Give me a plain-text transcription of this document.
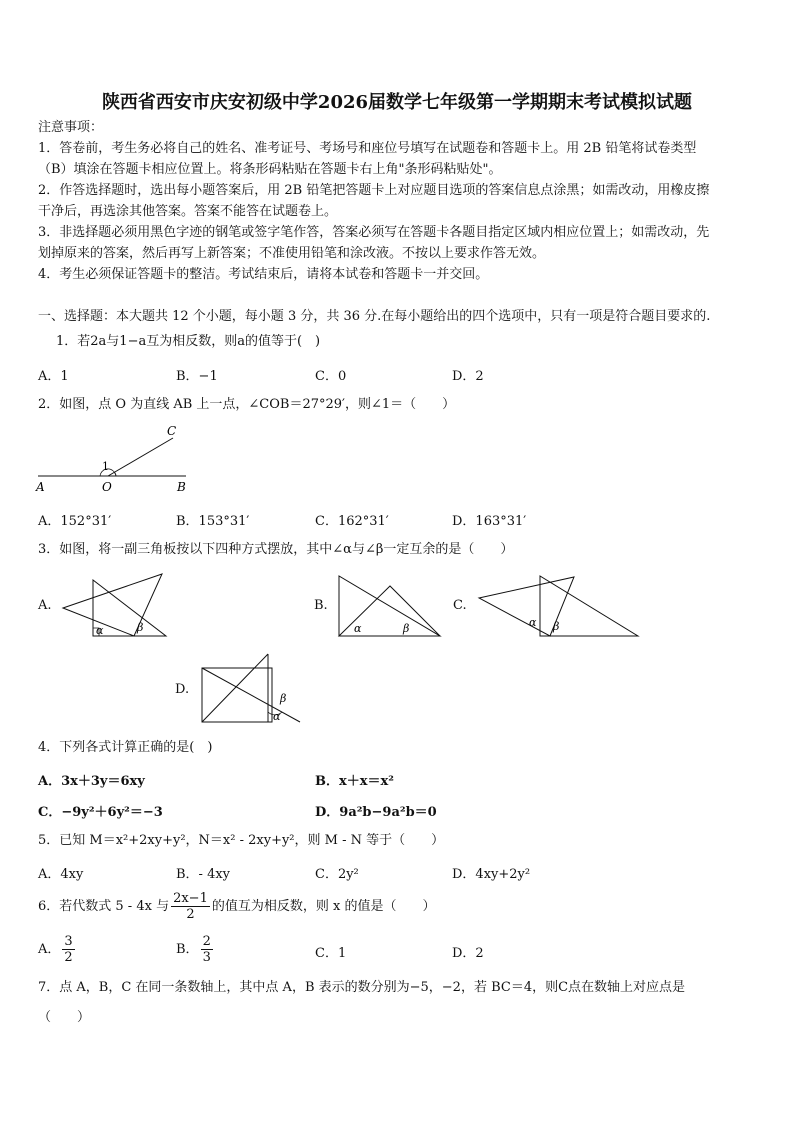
陕西省西安市庆安初级中学2026届数学七年级第一学期期末考试模拟试题
注意事项：
1．答卷前，考生务必将自己的姓名、准考证号、考场号和座位号填写在试题卷和答题卡上。用 2B 铅笔将试卷类型
（B）填涂在答题卡相应位置上。将条形码粘贴在答题卡右上角"条形码粘贴处"。
2．作答选择题时，选出每小题答案后，用 2B 铅笔把答题卡上对应题目选项的答案信息点涂黑；如需改动，用橡皮擦
干净后，再选涂其他答案。答案不能答在试题卷上。
3．非选择题必须用黑色字迹的钢笔或签字笔作答，答案必须写在答题卡各题目指定区域内相应位置上；如需改动，先
划掉原来的答案，然后再写上新答案；不准使用铅笔和涂改液。不按以上要求作答无效。
4．考生必须保证答题卡的整洁。考试结束后，请将本试卷和答题卡一并交回。
一、选择题：本大题共 12 个小题，每小题 3 分，共 36 分.在每小题给出的四个选项中，只有一项是符合题目要求的.
1．若2a与1−a互为相反数，则a的值等于(　)
A．1	B．−1	C．0	D．2
2．如图，点 O 为直线 AB 上一点，∠COB＝27°29′，则∠1＝（　　）
A	O	B
C
1
A．152°31′	B．153°31′	C．162°31′	D．163°31′
3．如图，将一副三角板按以下四种方式摆放，其中∠α与∠β一定互余的是（　　）
A.
α	β
B.
α	β
C.
α β
D.
β
α
4．下列各式计算正确的是(　)
A．3x＋3y＝6xy	B．x＋x＝x²
C．−9y²＋6y²＝−3	D．9a²b−9a²b＝0
5．已知 M＝x²+2xy+y²，N＝x² - 2xy+y²，则 M - N 等于（　　）
A．4xy	B．- 4xy	C．2y²	D．4xy+2y²
6．若代数式 5 - 4x 与 $\frac{2x-1}{2}$ 的值互为相反数，则 x 的值是（　　）
A． $\frac{3}{2}$	B． $\frac{2}{3}$	C．1	D．2
7．点 A，B，C 在同一条数轴上，其中点 A，B 表示的数分别为−5，−2，若 BC＝4，则C点在数轴上对应点是
（　　）
